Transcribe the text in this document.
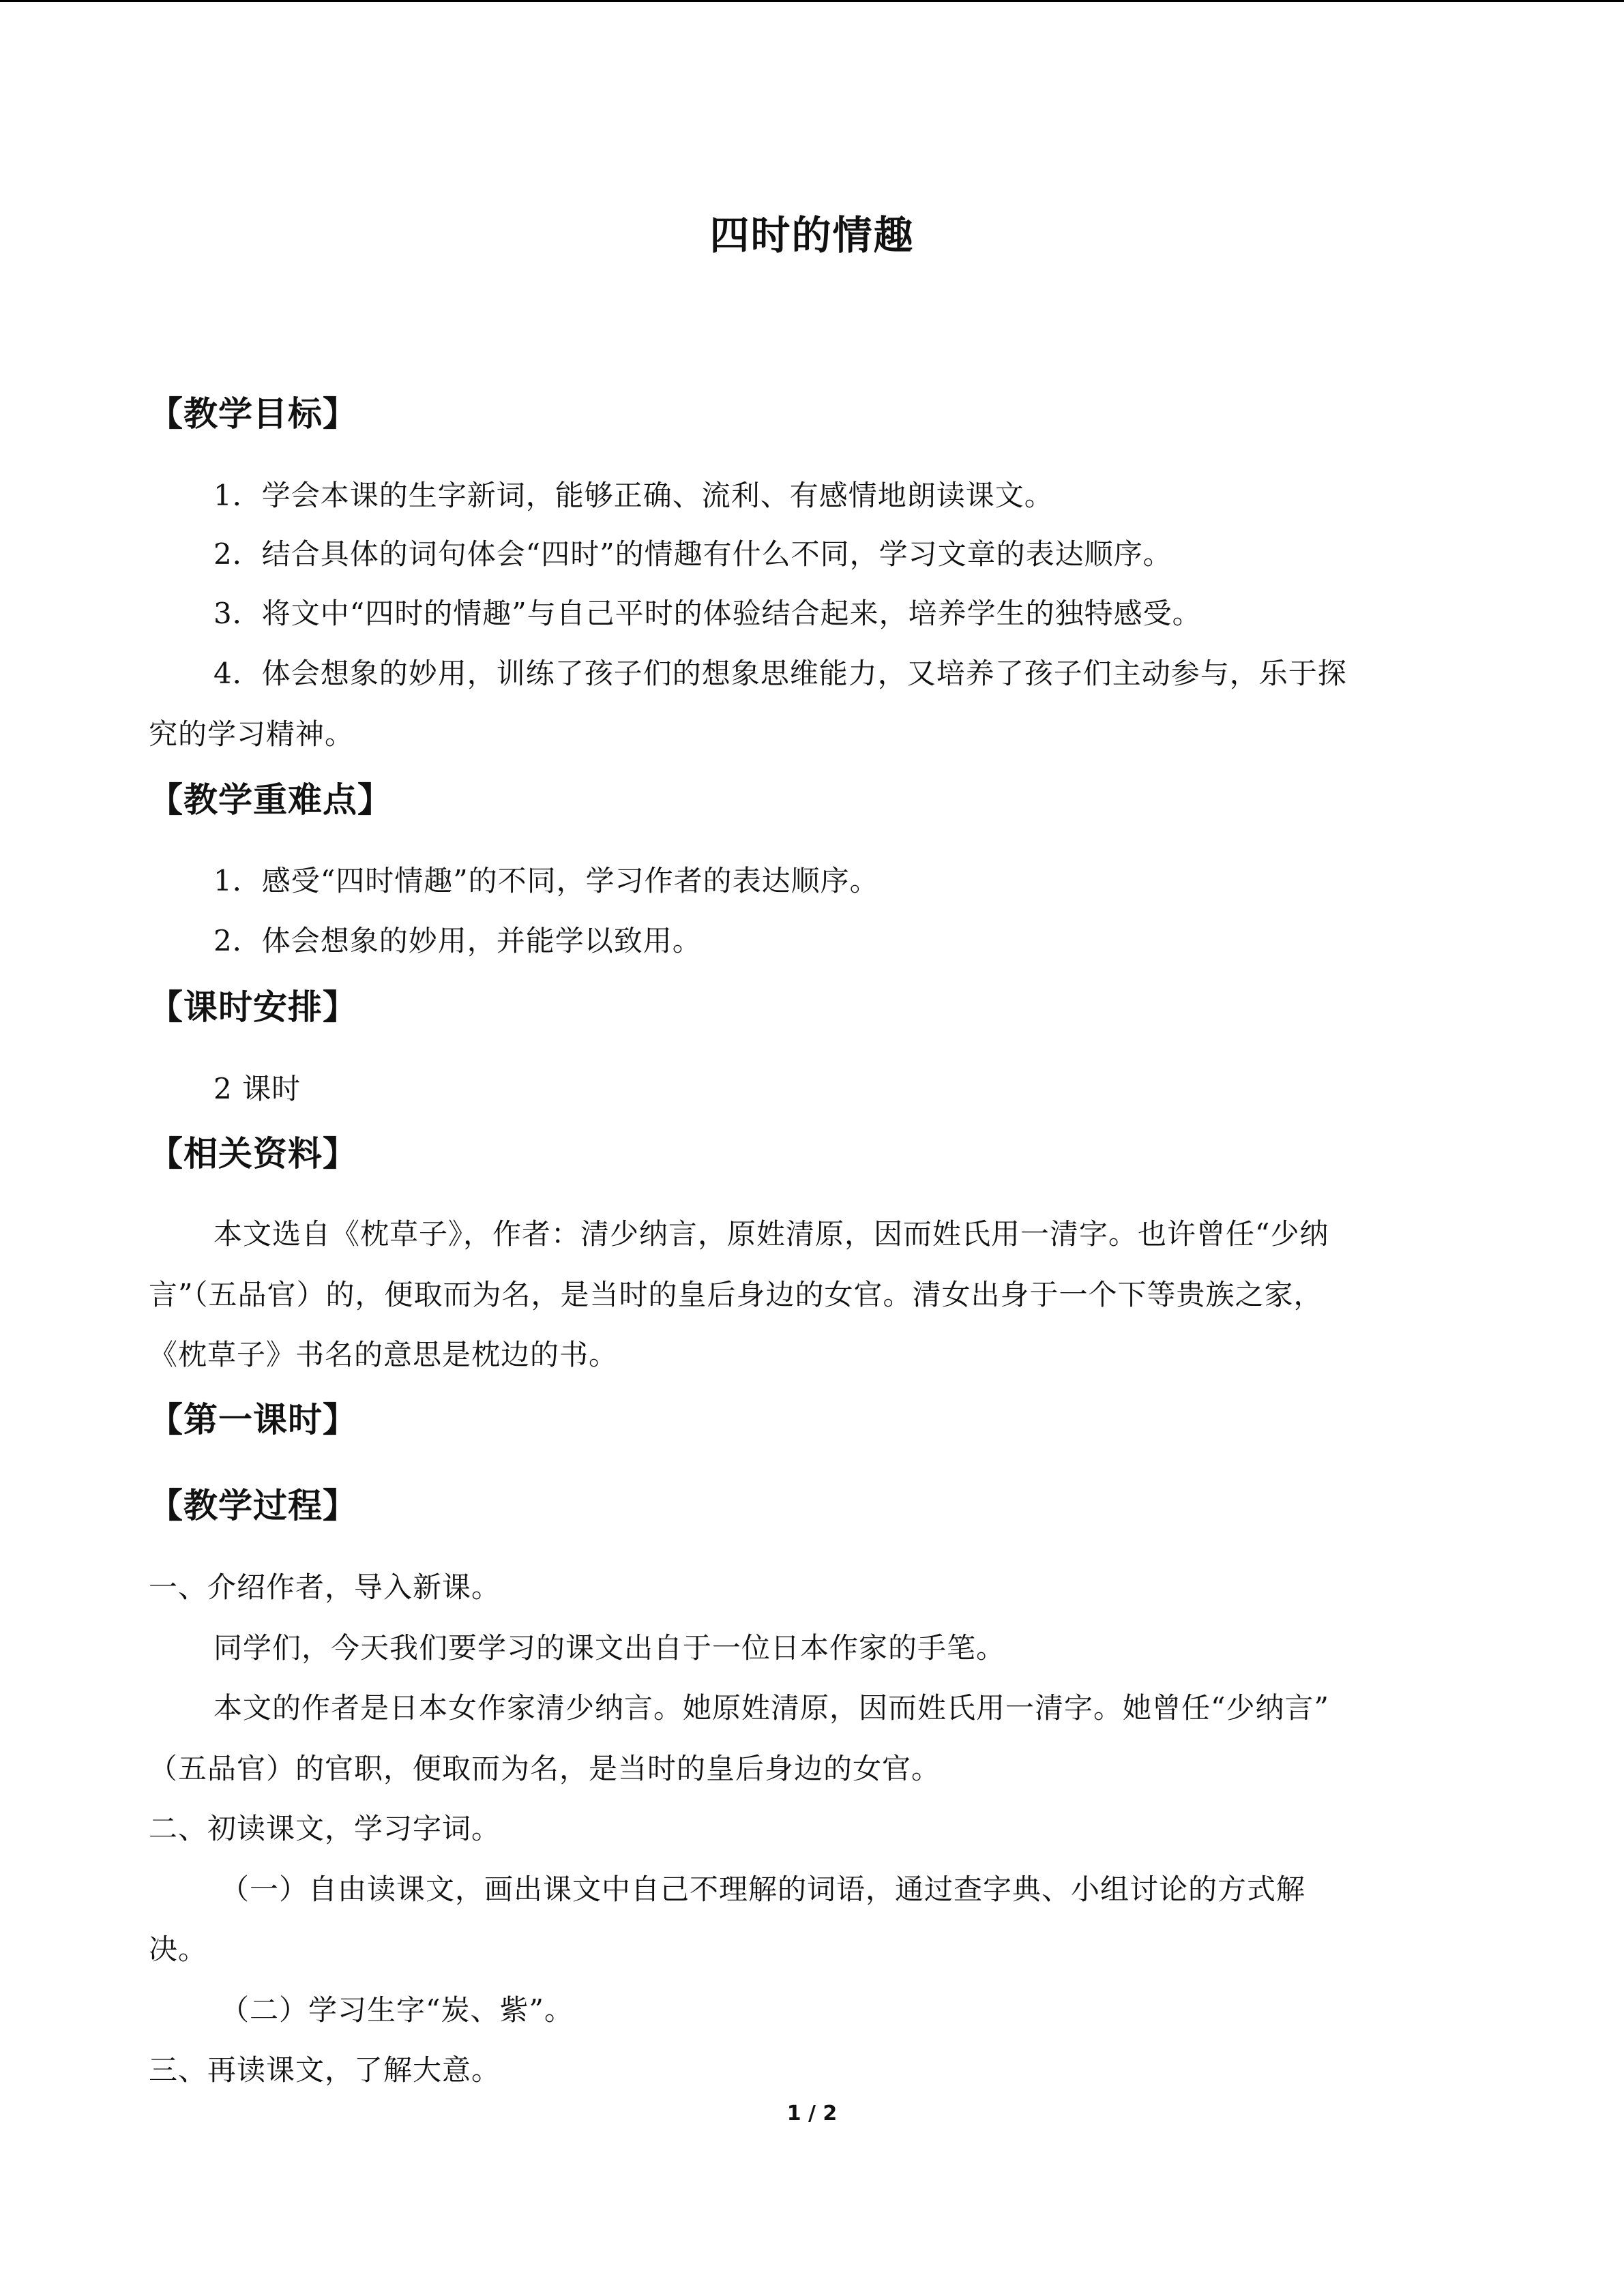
四时的情趣
【教学目标】
1．学会本课的生字新词，能够正确、流利、有感情地朗读课文。
2．结合具体的词句体会“四时”的情趣有什么不同，学习文章的表达顺序。
3．将文中“四时的情趣”与自己平时的体验结合起来，培养学生的独特感受。
4．体会想象的妙用，训练了孩子们的想象思维能力，又培养了孩子们主动参与，乐于探
究的学习精神。
【教学重难点】
1．感受“四时情趣”的不同，学习作者的表达顺序。
2．体会想象的妙用，并能学以致用。
【课时安排】
2 课时
【相关资料】
本文选自《枕草子》，作者：清少纳言，原姓清原，因而姓氏用一清字。也许曾任“少纳
言”（五品官）的，便取而为名，是当时的皇后身边的女官。清女出身于一个下等贵族之家，
《枕草子》书名的意思是枕边的书。
【第一课时】
【教学过程】
一、介绍作者，导入新课。
同学们，今天我们要学习的课文出自于一位日本作家的手笔。
本文的作者是日本女作家清少纳言。她原姓清原，因而姓氏用一清字。她曾任“少纳言”
（五品官）的官职，便取而为名，是当时的皇后身边的女官。
二、初读课文，学习字词。
（一）自由读课文，画出课文中自己不理解的词语，通过查字典、小组讨论的方式解
决。
（二）学习生字“炭、紫”。
三、再读课文，了解大意。
1 / 2
